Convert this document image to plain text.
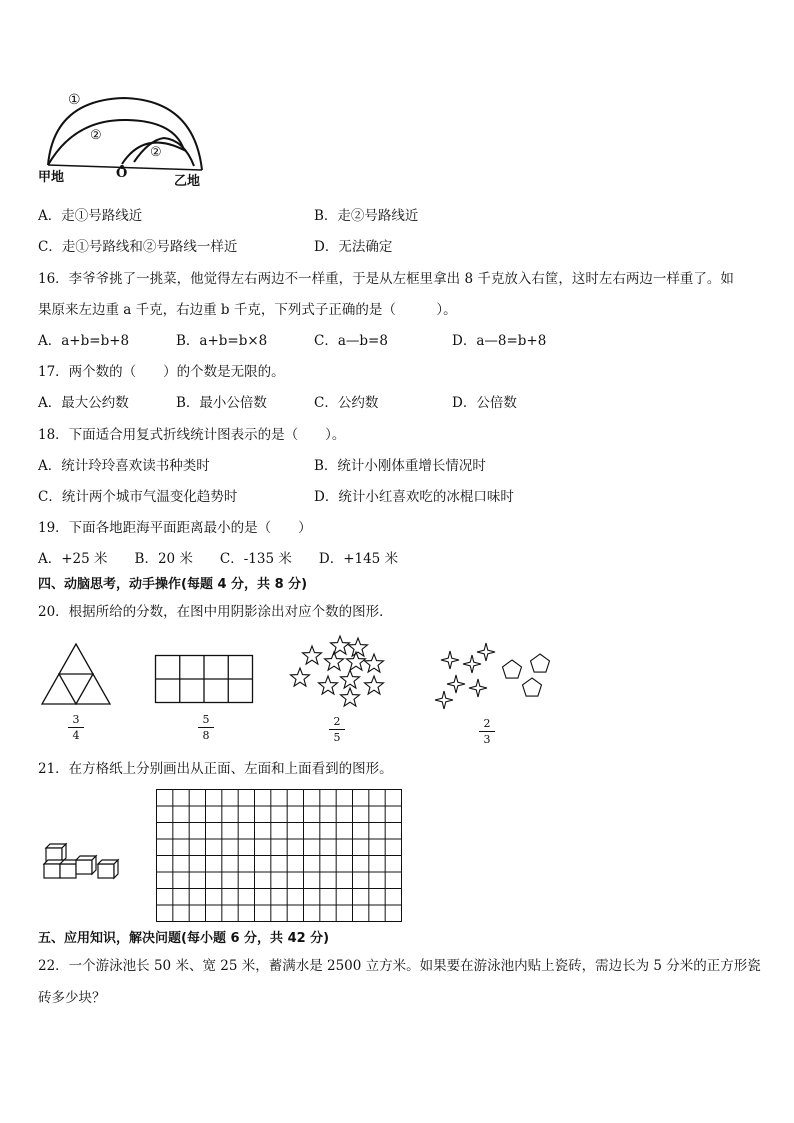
①
②
②
甲地	O
乙地
A．走①号路线近	B．走②号路线近
C．走①号路线和②号路线一样近	D．无法确定
16．李爷爷挑了一挑菜，他觉得左右两边不一样重，于是从左框里拿出 8 千克放入右筐，这时左右两边一样重了。如
果原来左边重 a 千克，右边重 b 千克，下列式子正确的是（　　　）。
A．a+b=b+8	B．a+b=b×8	C．a—b=8	D．a—8=b+8
17．两个数的（　　）的个数是无限的。
A．最大公约数	B．最小公倍数	C．公约数	D．公倍数
18．下面适合用复式折线统计图表示的是（　　）。
A．统计玲玲喜欢读书种类时	B．统计小刚体重增长情况时
C．统计两个城市气温变化趋势时	D．统计小红喜欢吃的冰棍口味时
19．下面各地距海平面距离最小的是（　　）
A．+25 米　　B．20 米　　C．-135 米　　D．+145 米
四、动脑思考，动手操作(每题 4 分，共 8 分)
20．根据所给的分数，在图中用阴影涂出对应个数的图形．
3
4
5
8
2
5
2
3
21．在方格纸上分别画出从正面、左面和上面看到的图形。
五、应用知识，解决问题(每小题 6 分，共 42 分)
22．一个游泳池长 50 米、宽 25 米，蓄满水是 2500 立方米。如果要在游泳池内贴上瓷砖，需边长为 5 分米的正方形瓷
砖多少块？
